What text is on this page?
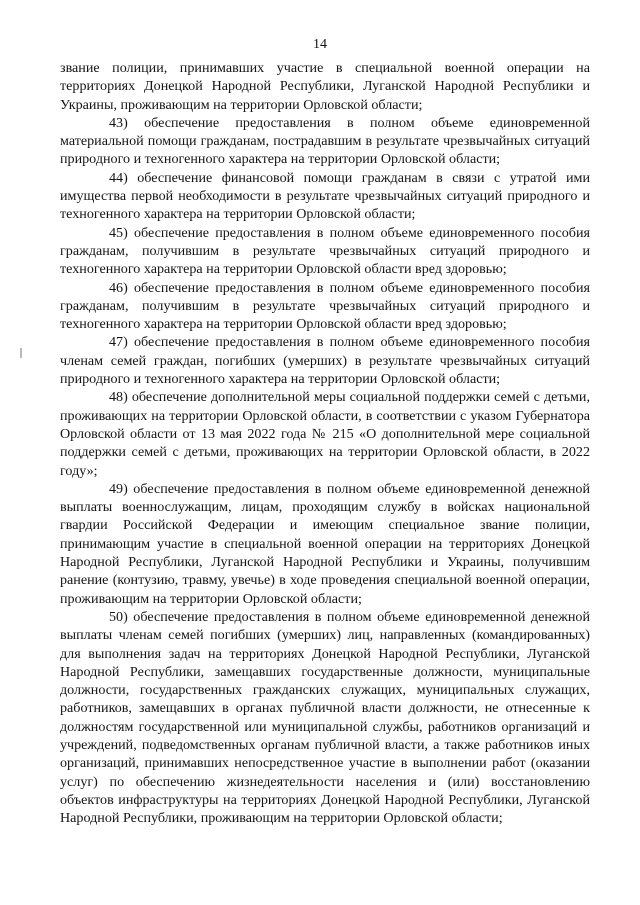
14

звание полиции, принимавших участие в специальной военной операции на территориях Донецкой Народной Республики, Луганской Народной Республики и Украины, проживающим на территории Орловской области;

43) обеспечение предоставления в полном объеме единовременной материальной помощи гражданам, пострадавшим в результате чрезвычайных ситуаций природного и техногенного характера на территории Орловской области;

44) обеспечение финансовой помощи гражданам в связи с утратой ими имущества первой необходимости в результате чрезвычайных ситуаций природного и техногенного характера на территории Орловской области;

45) обеспечение предоставления в полном объеме единовременного пособия гражданам, получившим в результате чрезвычайных ситуаций природного и техногенного характера на территории Орловской области вред здоровью;

46) обеспечение предоставления в полном объеме единовременного пособия гражданам, получившим в результате чрезвычайных ситуаций природного и техногенного характера на территории Орловской области вред здоровью;

47) обеспечение предоставления в полном объеме единовременного пособия членам семей граждан, погибших (умерших) в результате чрезвычайных ситуаций природного и техногенного характера на территории Орловской области;

48) обеспечение дополнительной меры социальной поддержки семей с детьми, проживающих на территории Орловской области, в соответствии с указом Губернатора Орловской области от 13 мая 2022 года № 215 «О дополнительной мере социальной поддержки семей с детьми, проживающих на территории Орловской области, в 2022 году»;

49) обеспечение предоставления в полном объеме единовременной денежной выплаты военнослужащим, лицам, проходящим службу в войсках национальной гвардии Российской Федерации и имеющим специальное звание полиции, принимающим участие в специальной военной операции на территориях Донецкой Народной Республики, Луганской Народной Республики и Украины, получившим ранение (контузию, травму, увечье) в ходе проведения специальной военной операции, проживающим на территории Орловской области;

50) обеспечение предоставления в полном объеме единовременной денежной выплаты членам семей погибших (умерших) лиц, направленных (командированных) для выполнения задач на территориях Донецкой Народной Республики, Луганской Народной Республики, замещавших государственные должности, муниципальные должности, государственных гражданских служащих, муниципальных служащих, работников, замещавших в органах публичной власти должности, не отнесенные к должностям государственной или муниципальной службы, работников организаций и учреждений, подведомственных органам публичной власти, а также работников иных организаций, принимавших непосредственное участие в выполнении работ (оказании услуг) по обеспечению жизнедеятельности населения и (или) восстановлению объектов инфраструктуры на территориях Донецкой Народной Республики, Луганской Народной Республики, проживающим на территории Орловской области;
